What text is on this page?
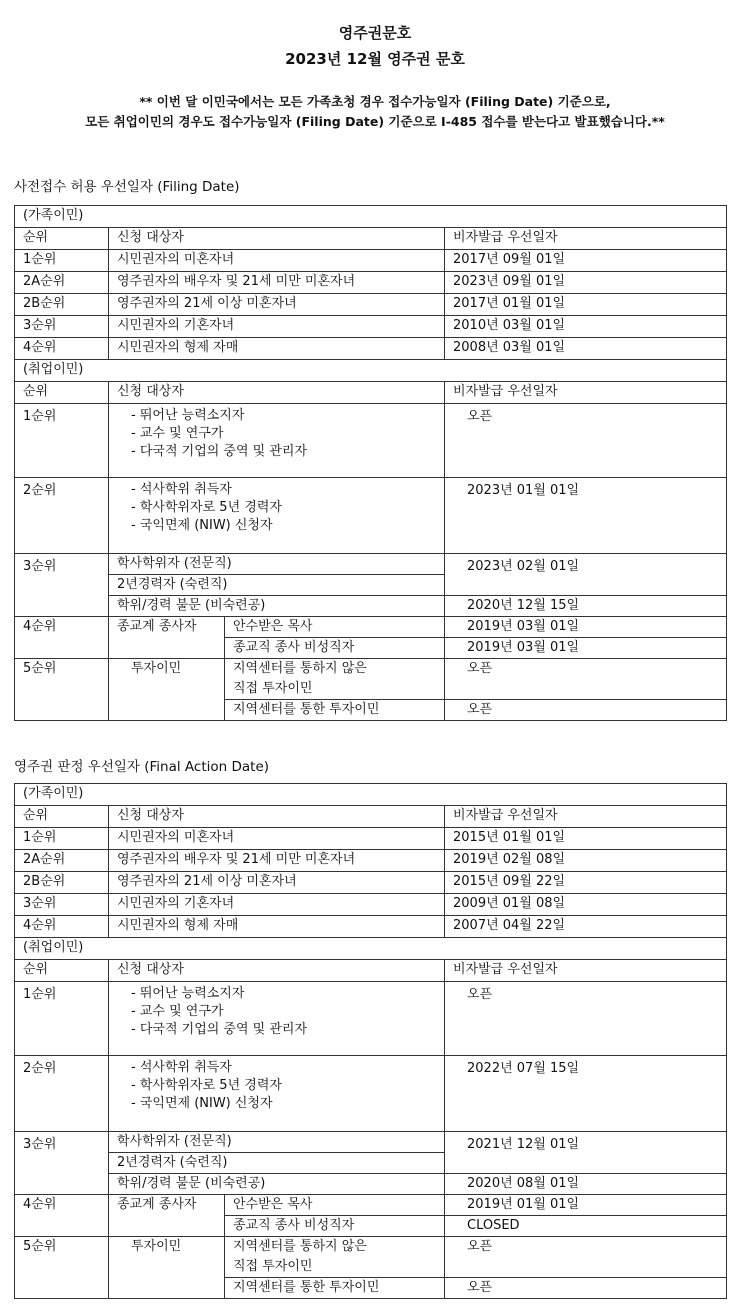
영주권문호
2023년 12월 영주권 문호
** 이번 달 이민국에서는 모든 가족초청 경우 접수가능일자 (Filing Date) 기준으로,
모든 취업이민의 경우도 접수가능일자 (Filing Date) 기준으로 I-485 접수를 받는다고 발표했습니다.**
사전접수 허용 우선일자 (Filing Date)
(가족이민)			
순위	신청 대상자		비자발급 우선일자
1순위	시민권자의 미혼자녀		2017년 09월 01일
2A순위	영주권자의 배우자 및 21세 미만 미혼자녀		2023년 09월 01일
2B순위	영주권자의 21세 이상 미혼자녀		2017년 01월 01일
3순위	시민권자의 기혼자녀		2010년 03월 01일
4순위	시민권자의 형제 자매		2008년 03월 01일
(취업이민)			
순위	신청 대상자		비자발급 우선일자

1순위	- 뛰어난 능력소지자
- 교수 및 연구가
- 다국적 기업의 중역 및 관리자		오픈

2순위	- 석사학위 취득자
- 학사학위자로 5년 경력자
- 국익면제 (NIW) 신청자		2023년 01월 01일

3순위	학사학위자 (전문직)		2023년 02월 01일

	2년경력자 (숙련직)		
	학위/경력 불문 (비숙련공)		2020년 12월 15일
4순위	종교계 종사자	안수받은 목사	2019년 03월 01일
		종교직 종사 비성직자	2019년 03월 01일
5순위	투자이민	지역센터를 통하지 않은
직접 투자이민	오픈
		지역센터를 통한 투자이민	오픈
영주권 판정 우선일자 (Final Action Date)
(가족이민)			
순위	신청 대상자		비자발급 우선일자
1순위	시민권자의 미혼자녀		2015년 01월 01일
2A순위	영주권자의 배우자 및 21세 미만 미혼자녀		2019년 02월 08일
2B순위	영주권자의 21세 이상 미혼자녀		2015년 09월 22일
3순위	시민권자의 기혼자녀		2009년 01월 08일
4순위	시민권자의 형제 자매		2007년 04월 22일
(취업이민)			
순위	신청 대상자		비자발급 우선일자

1순위	- 뛰어난 능력소지자
- 교수 및 연구가
- 다국적 기업의 중역 및 관리자		오픈

2순위	- 석사학위 취득자
- 학사학위자로 5년 경력자
- 국익면제 (NIW) 신청자		2022년 07월 15일

3순위	학사학위자 (전문직)		2021년 12월 01일

	2년경력자 (숙련직)		
	학위/경력 불문 (비숙련공)		2020년 08월 01일
4순위	종교계 종사자	안수받은 목사	2019년 01월 01일
		종교직 종사 비성직자	CLOSED
5순위	투자이민	지역센터를 통하지 않은
직접 투자이민	오픈
		지역센터를 통한 투자이민	오픈
